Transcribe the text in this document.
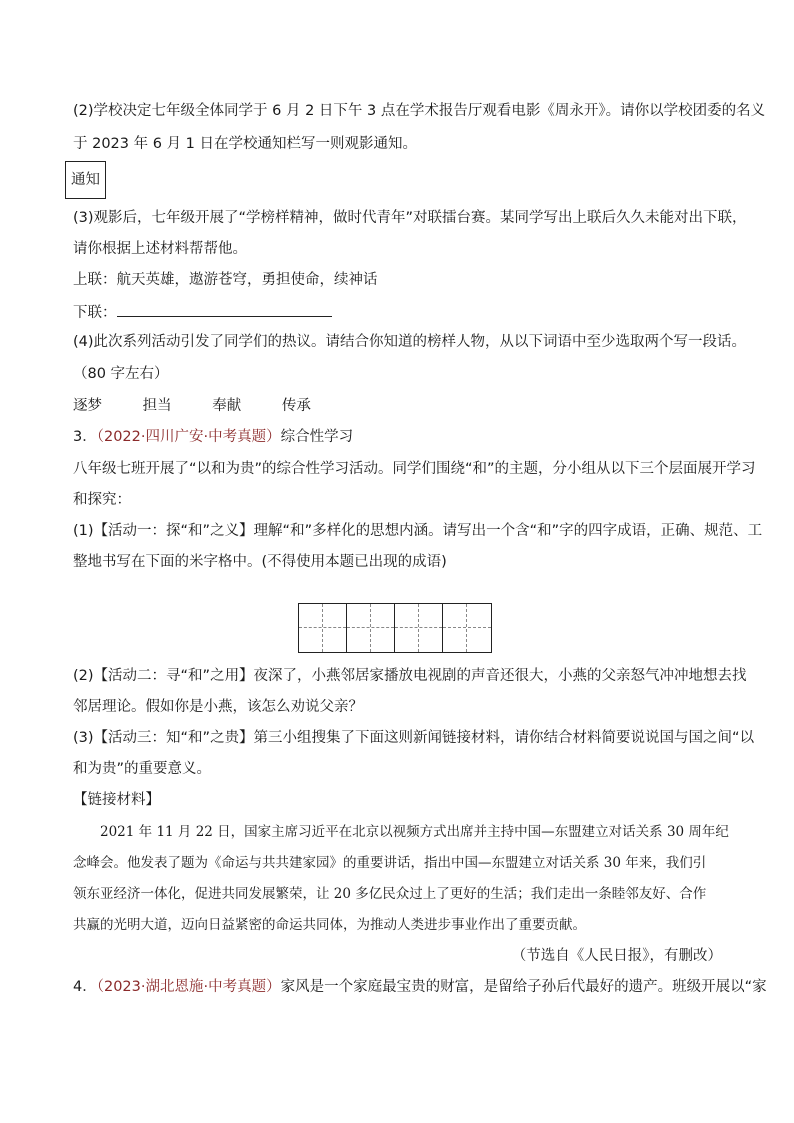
(2)学校决定七年级全体同学于 6 月 2 日下午 3 点在学术报告厅观看电影《周永开》。请你以学校团委的名义
于 2023 年 6 月 1 日在学校通知栏写一则观影通知。
通知
(3)观影后，七年级开展了“学榜样精神，做时代青年”对联擂台赛。某同学写出上联后久久未能对出下联，
请你根据上述材料帮帮他。
上联：航天英雄，遨游苍穹，勇担使命，续神话
下联：
(4)此次系列活动引发了同学们的热议。请结合你知道的榜样人物，从以下词语中至少选取两个写一段话。
（80 字左右）
逐梦	担当	奉献	传承
3．（2022·四川广安·中考真题）综合性学习
八年级七班开展了“以和为贵”的综合性学习活动。同学们围绕“和”的主题，分小组从以下三个层面展开学习
和探究：
(1)【活动一：探“和”之义】理解“和”多样化的思想内涵。请写出一个含“和”字的四字成语，正确、规范、工
整地书写在下面的米字格中。(不得使用本题已出现的成语)
(2)【活动二：寻“和”之用】夜深了，小燕邻居家播放电视剧的声音还很大，小燕的父亲怒气冲冲地想去找
邻居理论。假如你是小燕，该怎么劝说父亲？
(3)【活动三：知“和”之贵】第三小组搜集了下面这则新闻链接材料，请你结合材料简要说说国与国之间“以
和为贵”的重要意义。
【链接材料】
2021 年 11 月 22 日，国家主席习近平在北京以视频方式出席并主持中国—东盟建立对话关系 30 周年纪
念峰会。他发表了题为《命运与共共建家园》的重要讲话，指出中国—东盟建立对话关系 30 年来，我们引
领东亚经济一体化，促进共同发展繁荣，让 20 多亿民众过上了更好的生活；我们走出一条睦邻友好、合作
共赢的光明大道，迈向日益紧密的命运共同体，为推动人类进步事业作出了重要贡献。
（节选自《人民日报》，有删改）
4．（2023·湖北恩施·中考真题）家风是一个家庭最宝贵的财富，是留给子孙后代最好的遗产。班级开展以“家
